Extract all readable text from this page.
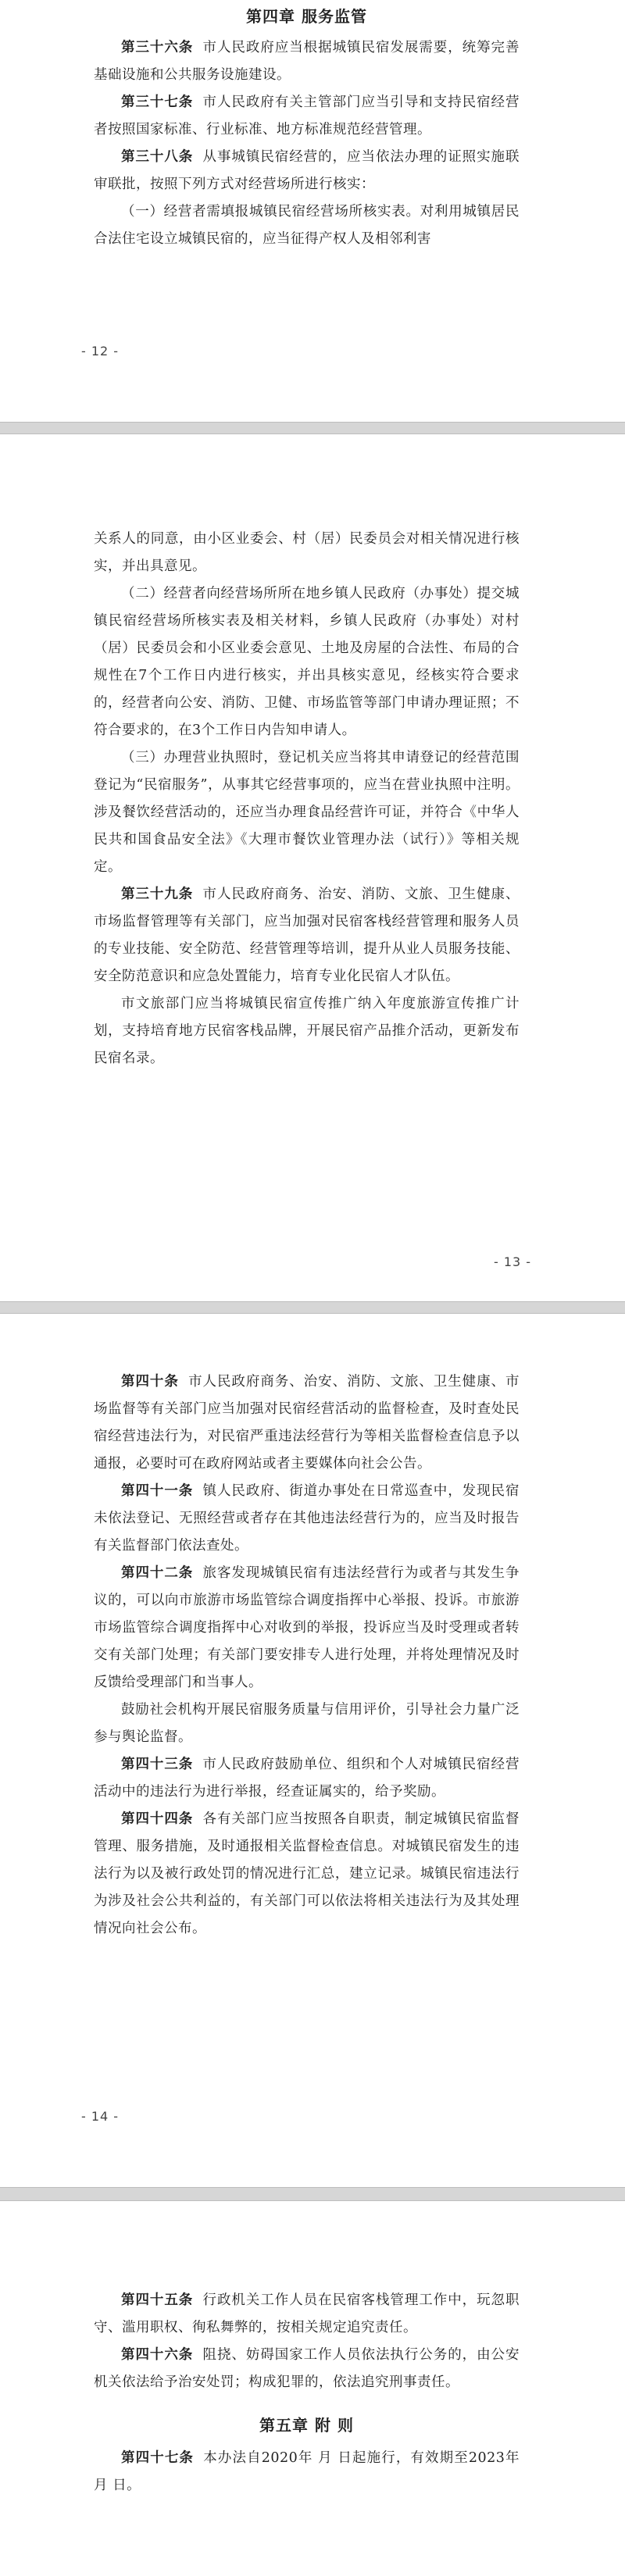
第四章 服务监管

第三十六条 市人民政府应当根据城镇民宿发展需要，统筹完善基础设施和公共服务设施建设。

第三十七条 市人民政府有关主管部门应当引导和支持民宿经营者按照国家标准、行业标准、地方标准规范经营管理。

第三十八条 从事城镇民宿经营的，应当依法办理的证照实施联审联批，按照下列方式对经营场所进行核实：

（一）经营者需填报城镇民宿经营场所核实表。对利用城镇居民合法住宅设立城镇民宿的，应当征得产权人及相邻利害

- 12 -

关系人的同意，由小区业委会、村（居）民委员会对相关情况进行核实，并出具意见。

（二）经营者向经营场所所在地乡镇人民政府（办事处）提交城镇民宿经营场所核实表及相关材料，乡镇人民政府（办事处）对村（居）民委员会和小区业委会意见、土地及房屋的合法性、布局的合规性在7个工作日内进行核实，并出具核实意见，经核实符合要求的，经营者向公安、消防、卫健、市场监管等部门申请办理证照；不符合要求的，在3个工作日内告知申请人。

（三）办理营业执照时，登记机关应当将其申请登记的经营范围登记为“民宿服务”，从事其它经营事项的，应当在营业执照中注明。涉及餐饮经营活动的，还应当办理食品经营许可证，并符合《中华人民共和国食品安全法》《大理市餐饮业管理办法（试行）》等相关规定。

第三十九条 市人民政府商务、治安、消防、文旅、卫生健康、市场监督管理等有关部门，应当加强对民宿客栈经营管理和服务人员的专业技能、安全防范、经营管理等培训，提升从业人员服务技能、安全防范意识和应急处置能力，培育专业化民宿人才队伍。

市文旅部门应当将城镇民宿宣传推广纳入年度旅游宣传推广计划，支持培育地方民宿客栈品牌，开展民宿产品推介活动，更新发布民宿名录。

- 13 -

第四十条 市人民政府商务、治安、消防、文旅、卫生健康、市场监督等有关部门应当加强对民宿经营活动的监督检查，及时查处民宿经营违法行为，对民宿严重违法经营行为等相关监督检查信息予以通报，必要时可在政府网站或者主要媒体向社会公告。

第四十一条 镇人民政府、街道办事处在日常巡查中，发现民宿未依法登记、无照经营或者存在其他违法经营行为的，应当及时报告有关监督部门依法查处。

第四十二条 旅客发现城镇民宿有违法经营行为或者与其发生争议的，可以向市旅游市场监管综合调度指挥中心举报、投诉。市旅游市场监管综合调度指挥中心对收到的举报，投诉应当及时受理或者转交有关部门处理；有关部门要安排专人进行处理，并将处理情况及时反馈给受理部门和当事人。

鼓励社会机构开展民宿服务质量与信用评价，引导社会力量广泛参与舆论监督。

第四十三条 市人民政府鼓励单位、组织和个人对城镇民宿经营活动中的违法行为进行举报，经查证属实的，给予奖励。

第四十四条 各有关部门应当按照各自职责，制定城镇民宿监督管理、服务措施，及时通报相关监督检查信息。对城镇民宿发生的违法行为以及被行政处罚的情况进行汇总，建立记录。城镇民宿违法行为涉及社会公共利益的，有关部门可以依法将相关违法行为及其处理情况向社会公布。

- 14 -

第四十五条 行政机关工作人员在民宿客栈管理工作中，玩忽职守、滥用职权、徇私舞弊的，按相关规定追究责任。

第四十六条 阻挠、妨碍国家工作人员依法执行公务的，由公安机关依法给予治安处罚；构成犯罪的，依法追究刑事责任。

第五章 附 则

第四十七条 本办法自2020年 月 日起施行，有效期至2023年 月 日。
